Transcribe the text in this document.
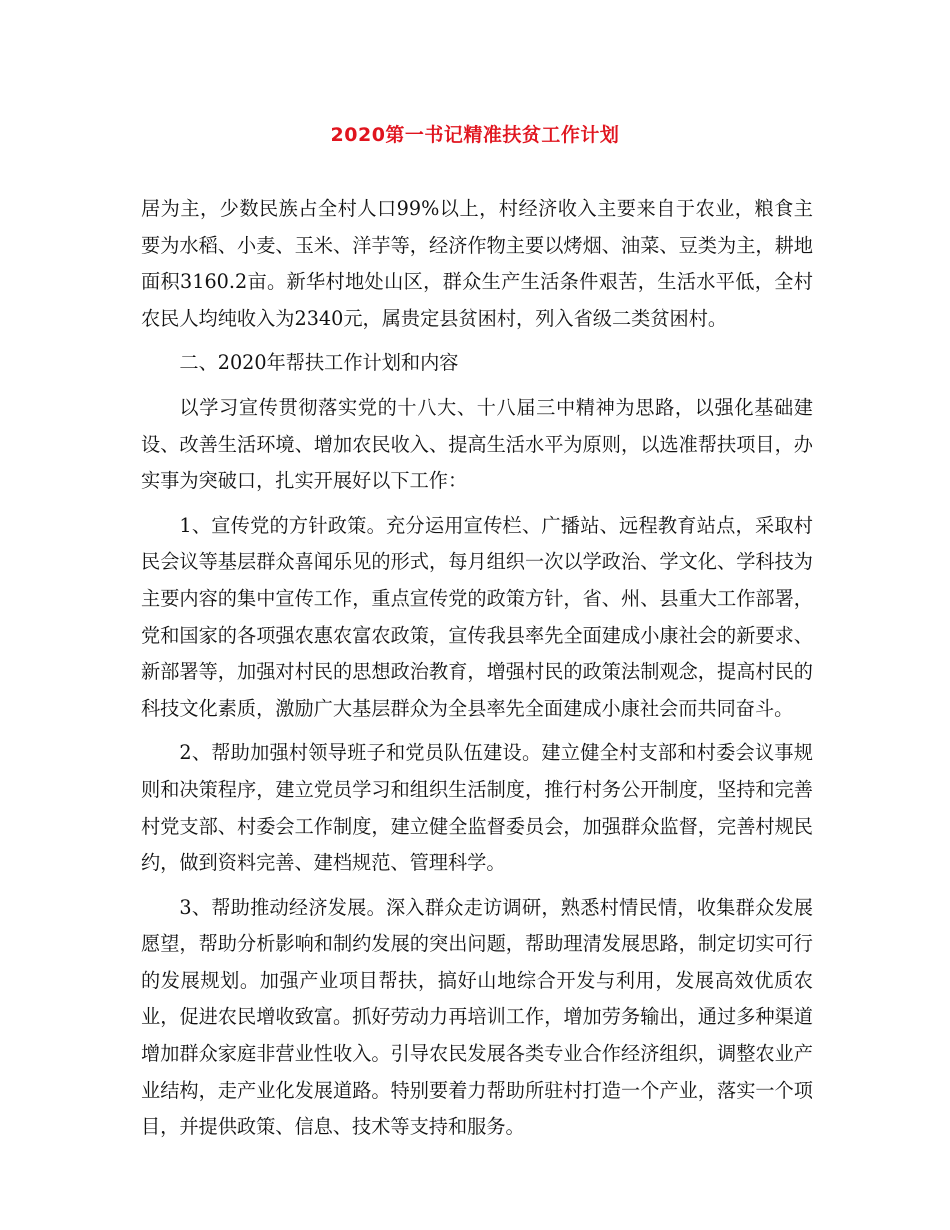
2020第一书记精准扶贫工作计划

居为主，少数民族占全村人口99%以上，村经济收入主要来自于农业，粮食主要为水稻、小麦、玉米、洋芋等，经济作物主要以烤烟、油菜、豆类为主，耕地面积3160.2亩。新华村地处山区，群众生产生活条件艰苦，生活水平低，全村农民人均纯收入为2340元，属贵定县贫困村，列入省级二类贫困村。

二、2020年帮扶工作计划和内容

以学习宣传贯彻落实党的十八大、十八届三中精神为思路，以强化基础建设、改善生活环境、增加农民收入、提高生活水平为原则，以选准帮扶项目，办实事为突破口，扎实开展好以下工作：

1、宣传党的方针政策。充分运用宣传栏、广播站、远程教育站点，采取村民会议等基层群众喜闻乐见的形式，每月组织一次以学政治、学文化、学科技为主要内容的集中宣传工作，重点宣传党的政策方针，省、州、县重大工作部署，党和国家的各项强农惠农富农政策，宣传我县率先全面建成小康社会的新要求、新部署等，加强对村民的思想政治教育，增强村民的政策法制观念，提高村民的科技文化素质，激励广大基层群众为全县率先全面建成小康社会而共同奋斗。

2、帮助加强村领导班子和党员队伍建设。建立健全村支部和村委会议事规则和决策程序，建立党员学习和组织生活制度，推行村务公开制度，坚持和完善村党支部、村委会工作制度，建立健全监督委员会，加强群众监督，完善村规民约，做到资料完善、建档规范、管理科学。

3、帮助推动经济发展。深入群众走访调研，熟悉村情民情，收集群众发展愿望，帮助分析影响和制约发展的突出问题，帮助理清发展思路，制定切实可行的发展规划。加强产业项目帮扶，搞好山地综合开发与利用，发展高效优质农业，促进农民增收致富。抓好劳动力再培训工作，增加劳务输出，通过多种渠道增加群众家庭非营业性收入。引导农民发展各类专业合作经济组织，调整农业产业结构，走产业化发展道路。特别要着力帮助所驻村打造一个产业，落实一个项目，并提供政策、信息、技术等支持和服务。
